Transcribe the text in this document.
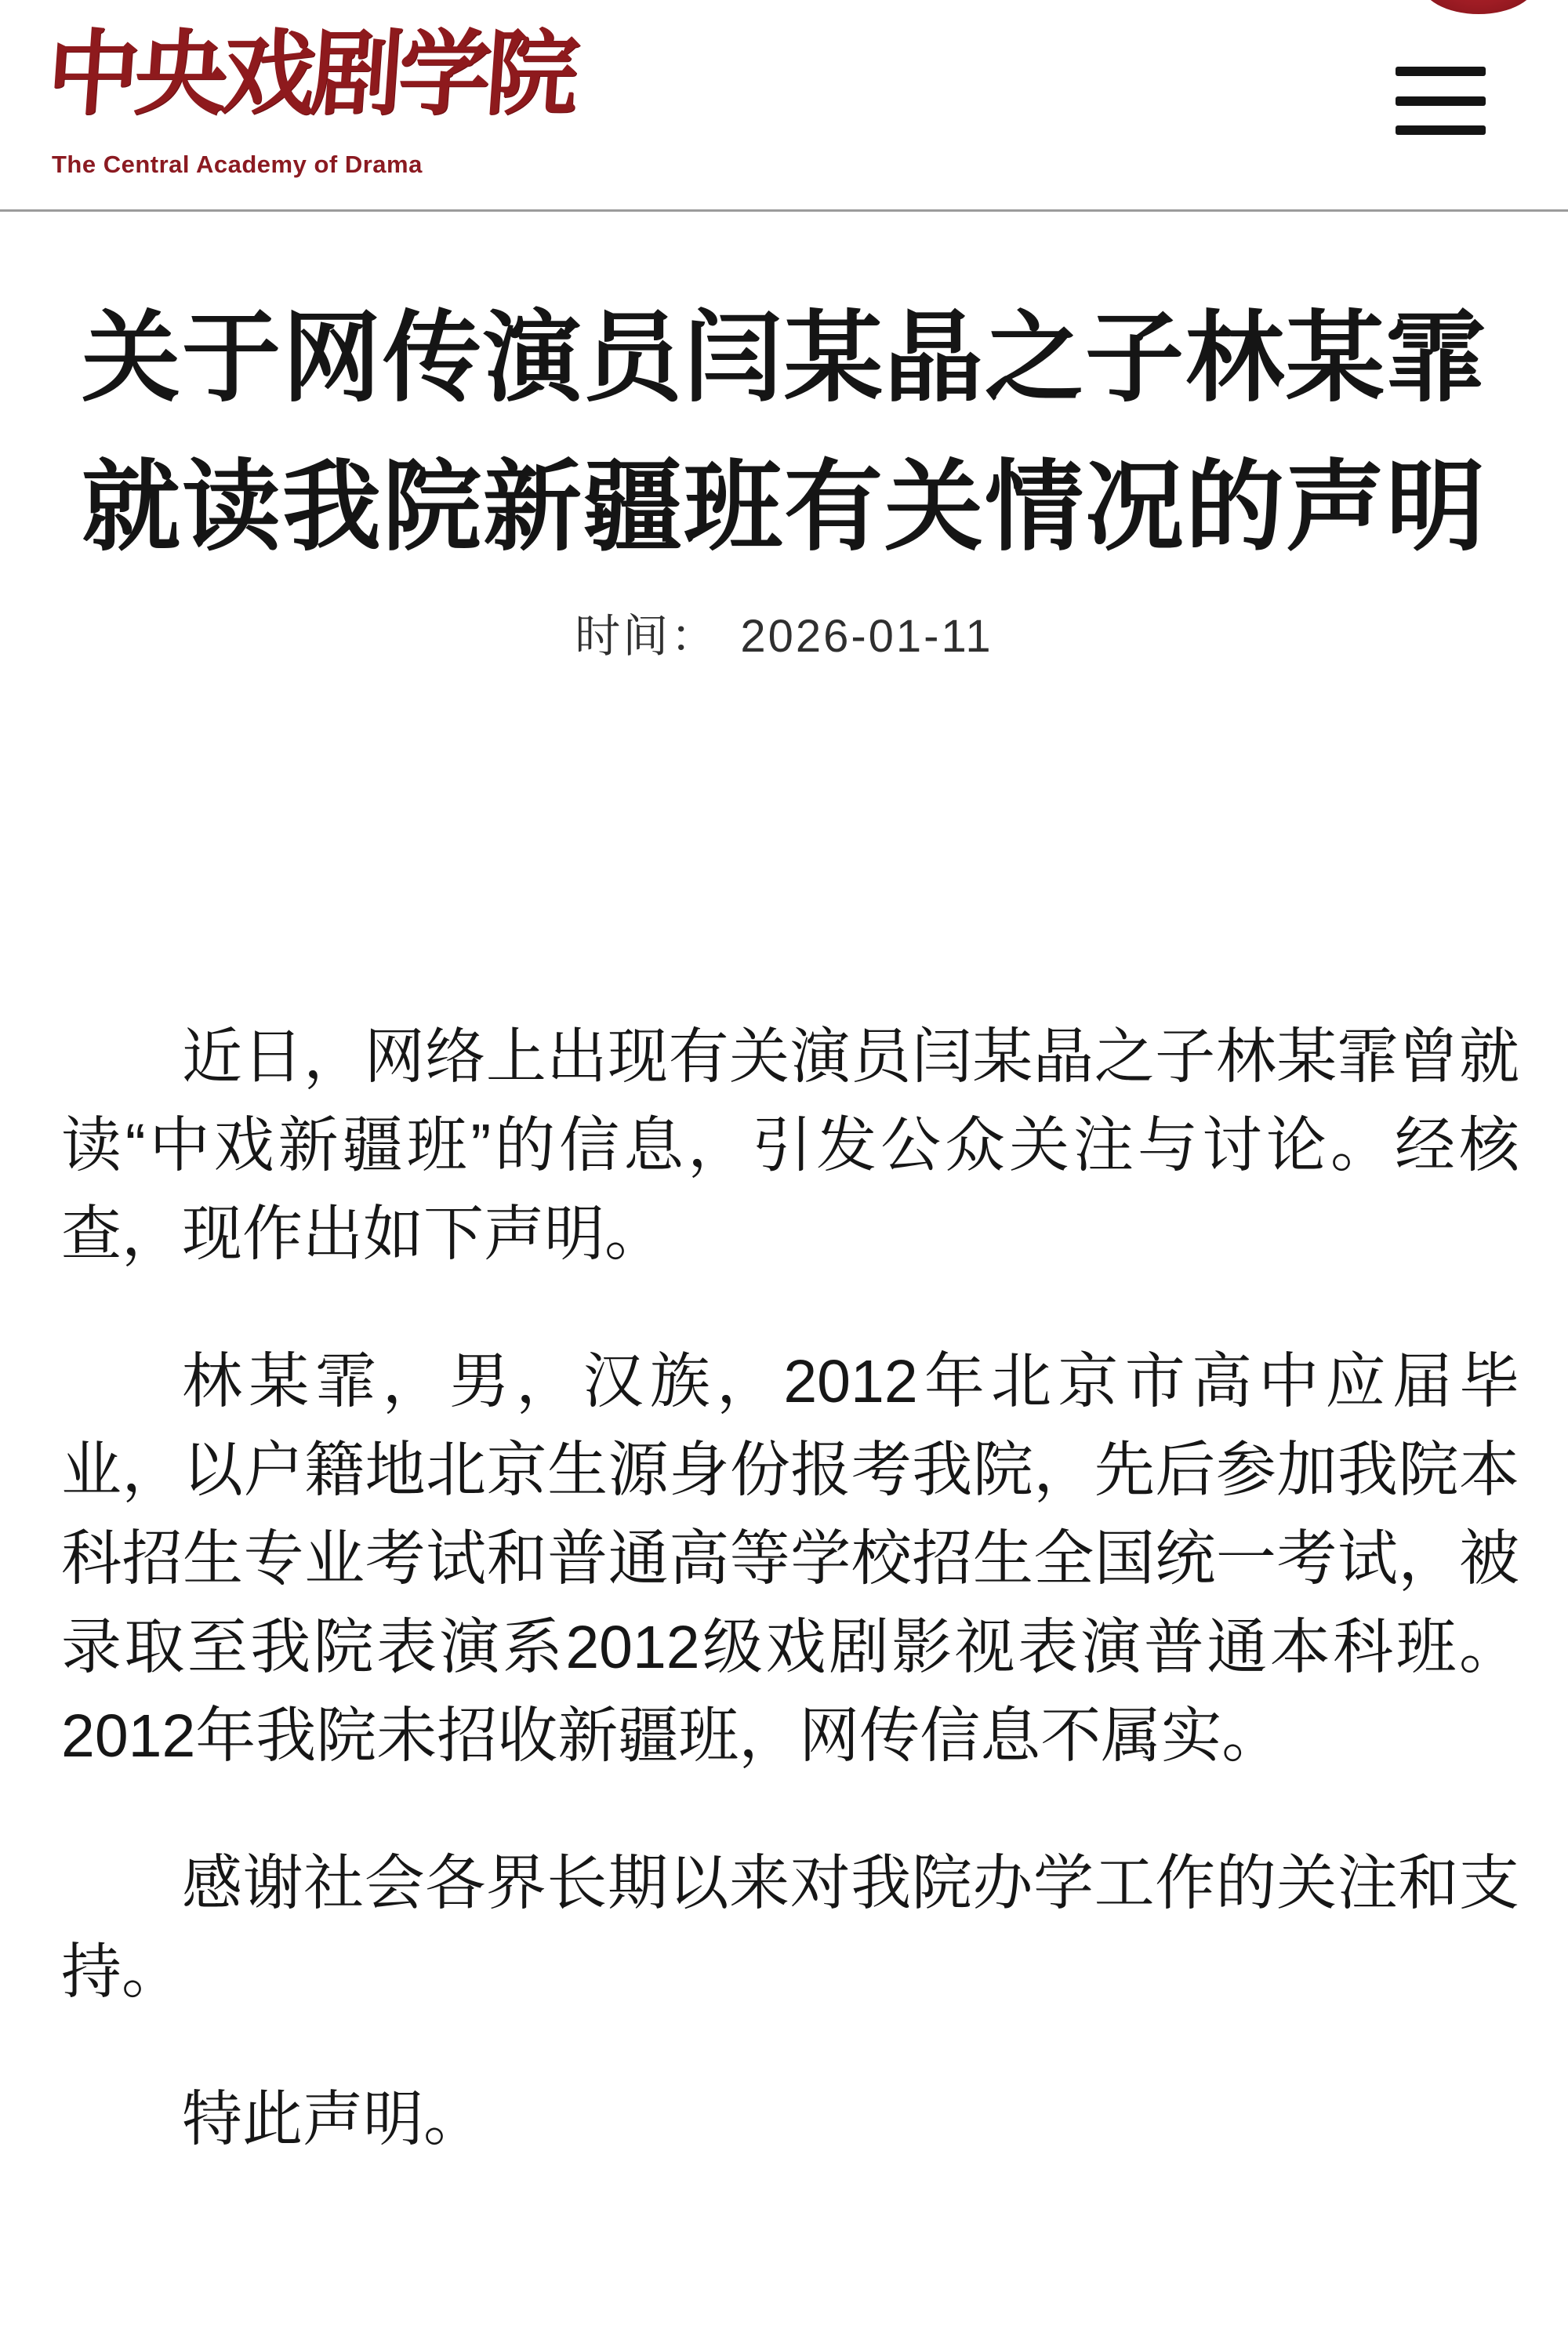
中央戏剧学院
The Central Academy of Drama
关于网传演员闫某晶之子林某霏
就读我院新疆班有关情况的声明
时间： 2026-01-11

近日，网络上出现有关演员闫某晶之子林某霏曾就读“中戏新疆班”的信息，引发公众关注与讨论。经核查，现作出如下声明。

林某霏，男，汉族，2012年北京市高中应届毕业，以户籍地北京生源身份报考我院，先后参加我院本科招生专业考试和普通高等学校招生全国统一考试，被录取至我院表演系2012级戏剧影视表演普通本科班。2012年我院未招收新疆班，网传信息不属实。

感谢社会各界长期以来对我院办学工作的关注和支持。

特此声明。
